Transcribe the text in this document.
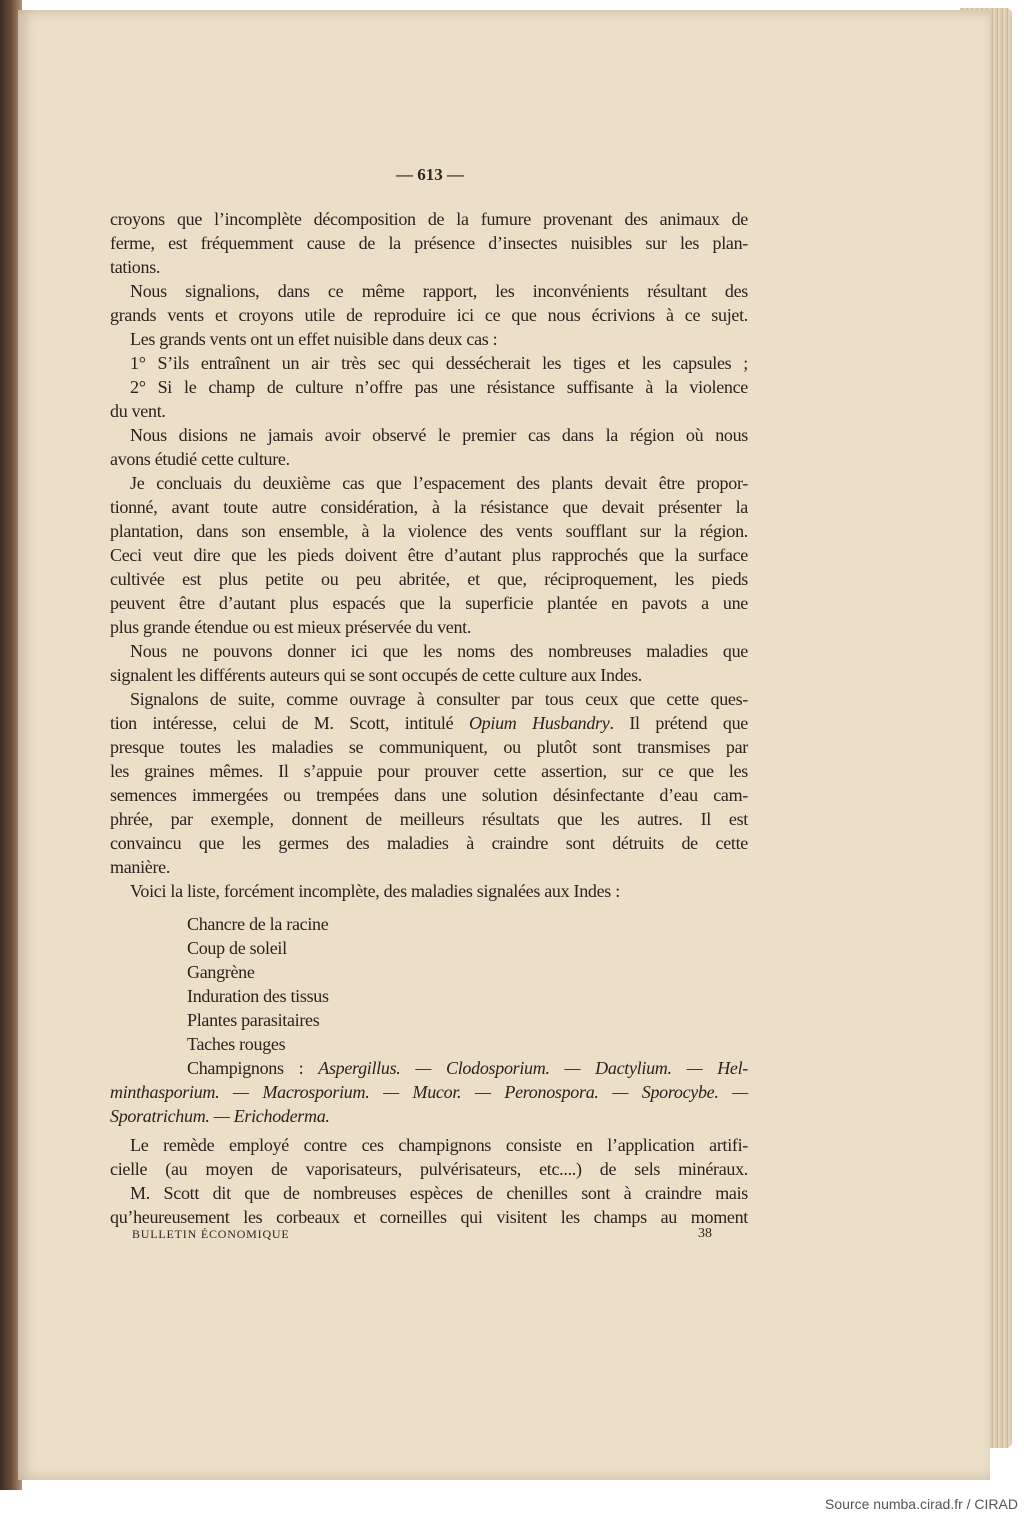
— 613 —
croyons que l’incomplète décomposition de la fumure provenant des animaux de
ferme, est fréquemment cause de la présence d’insectes nuisibles sur les plan-
tations.
Nous signalions, dans ce même rapport, les inconvénients résultant des
grands vents et croyons utile de reproduire ici ce que nous écrivions à ce sujet.
Les grands vents ont un effet nuisible dans deux cas :
1° S’ils entraînent un air très sec qui dessécherait les tiges et les capsules ;
2° Si le champ de culture n’offre pas une résistance suffisante à la violence
du vent.
Nous disions ne jamais avoir observé le premier cas dans la région où nous
avons étudié cette culture.
Je concluais du deuxième cas que l’espacement des plants devait être propor-
tionné, avant toute autre considération, à la résistance que devait présenter la
plantation, dans son ensemble, à la violence des vents soufflant sur la région.
Ceci veut dire que les pieds doivent être d’autant plus rapprochés que la surface
cultivée est plus petite ou peu abritée, et que, réciproquement, les pieds
peuvent être d’autant plus espacés que la superficie plantée en pavots a une
plus grande étendue ou est mieux préservée du vent.
Nous ne pouvons donner ici que les noms des nombreuses maladies que
signalent les différents auteurs qui se sont occupés de cette culture aux Indes.
Signalons de suite, comme ouvrage à consulter par tous ceux que cette ques-
tion intéresse, celui de M. Scott, intitulé Opium Husbandry. Il prétend que
presque toutes les maladies se communiquent, ou plutôt sont transmises par
les graines mêmes. Il s’appuie pour prouver cette assertion, sur ce que les
semences immergées ou trempées dans une solution désinfectante d’eau cam-
phrée, par exemple, donnent de meilleurs résultats que les autres. Il est
convaincu que les germes des maladies à craindre sont détruits de cette
manière.
Voici la liste, forcément incomplète, des maladies signalées aux Indes :
Chancre de la racine
Coup de soleil
Gangrène
Induration des tissus
Plantes parasitaires
Taches rouges
Champignons : Aspergillus. — Clodosporium. — Dactylium. — Hel-
minthasporium. — Macrosporium. — Mucor. — Peronospora. — Sporocybe. —
Sporatrichum. — Erichoderma.
Le remède employé contre ces champignons consiste en l’application artifi-
cielle (au moyen de vaporisateurs, pulvérisateurs, etc....) de sels minéraux.
M. Scott dit que de nombreuses espèces de chenilles sont à craindre mais
qu’heureusement les corbeaux et corneilles qui visitent les champs au moment
BULLETIN ÉCONOMIQUE	38
Source numba.cirad.fr / CIRAD
